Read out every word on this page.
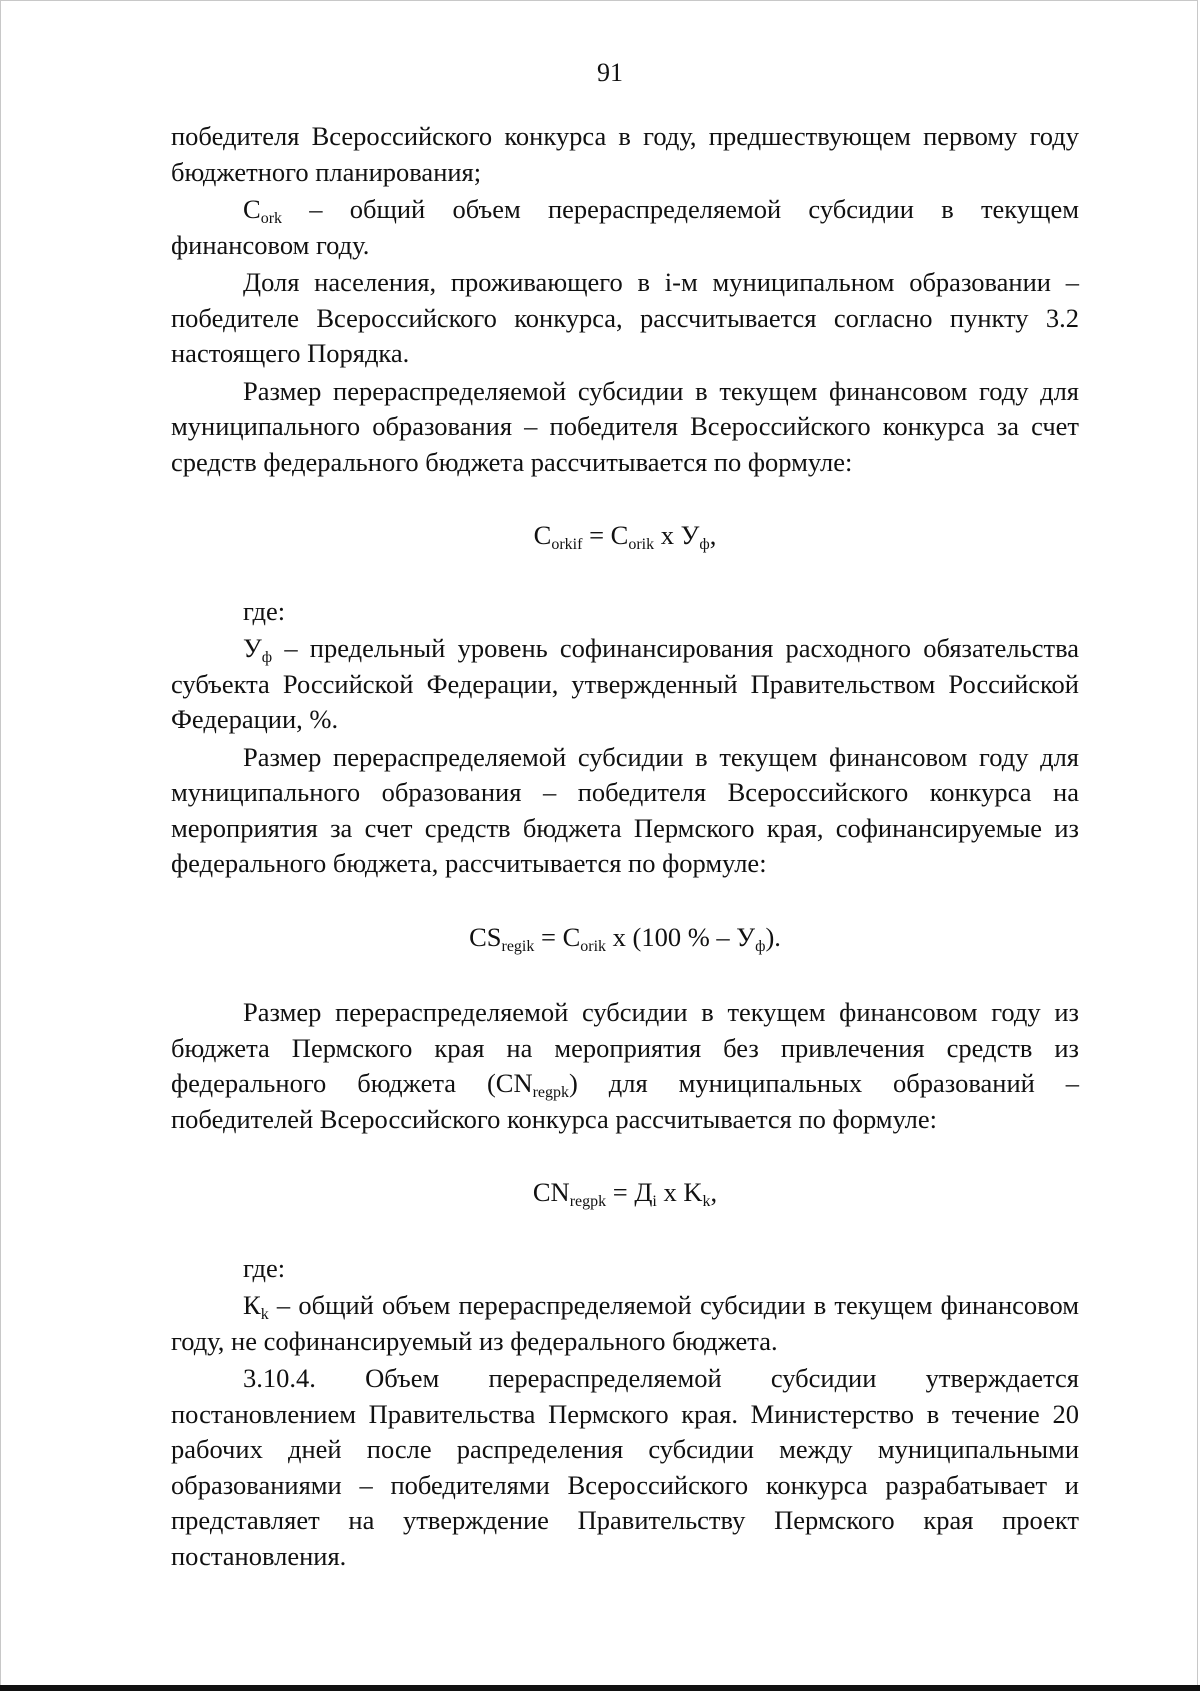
91

победителя Всероссийского конкурса в году, предшествующем первому году бюджетного планирования;

$C_{ork}$ – общий объем перераспределяемой субсидии в текущем финансовом году.

Доля населения, проживающего в i-м муниципальном образовании – победителе Всероссийского конкурса, рассчитывается согласно пункту 3.2 настоящего Порядка.

Размер перераспределяемой субсидии в текущем финансовом году для муниципального образования – победителя Всероссийского конкурса за счет средств федерального бюджета рассчитывается по формуле:

$C_{orkif} = C_{orik}$ x $У_ф$,

где:

$У_ф$ – предельный уровень софинансирования расходного обязательства субъекта Российской Федерации, утвержденный Правительством Российской Федерации, %.

Размер перераспределяемой субсидии в текущем финансовом году для муниципального образования – победителя Всероссийского конкурса на мероприятия за счет средств бюджета Пермского края, софинансируемые из федерального бюджета, рассчитывается по формуле:

$CS_{regik} = C_{orik}$ x (100 % – $У_ф$).

Размер перераспределяемой субсидии в текущем финансовом году из бюджета Пермского края на мероприятия без привлечения средств из федерального бюджета $(CN_{regpk})$ для муниципальных образований – победителей Всероссийского конкурса рассчитывается по формуле:

$CN_{regpk} = Д_i$ x $K_k$,

где:

$К_k$ – общий объем перераспределяемой субсидии в текущем финансовом году, не софинансируемый из федерального бюджета.

3.10.4. Объем перераспределяемой субсидии утверждается постановлением Правительства Пермского края. Министерство в течение 20 рабочих дней после распределения субсидии между муниципальными образованиями – победителями Всероссийского конкурса разрабатывает и представляет на утверждение Правительству Пермского края проект постановления.
